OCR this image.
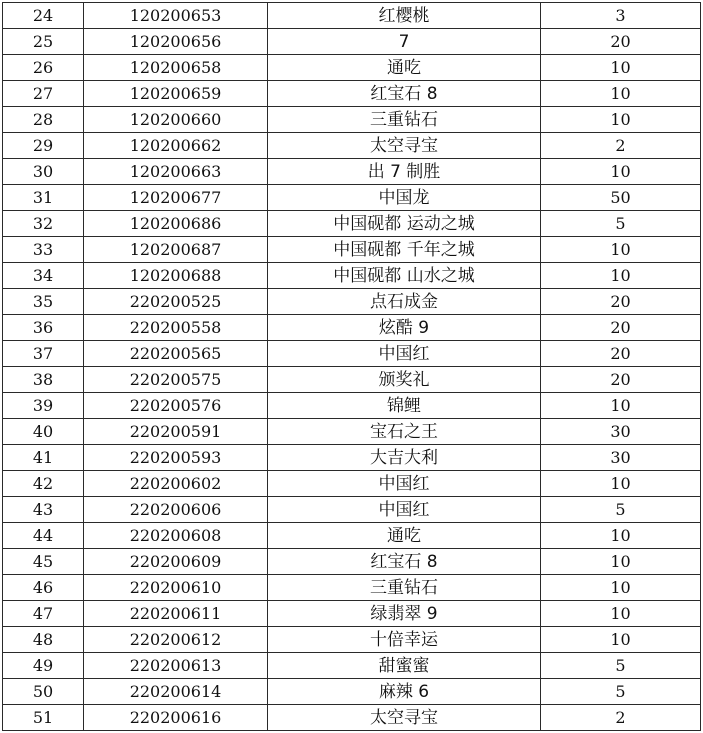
24	120200653	红樱桃	3
25	120200656	7	20
26	120200658	通吃	10
27	120200659	红宝石 8	10
28	120200660	三重钻石	10
29	120200662	太空寻宝	2
30	120200663	出 7 制胜	10
31	120200677	中国龙	50
32	120200686	中国砚都 运动之城	5
33	120200687	中国砚都 千年之城	10
34	120200688	中国砚都 山水之城	10
35	220200525	点石成金	20
36	220200558	炫酷 9	20
37	220200565	中国红	20
38	220200575	颁奖礼	20
39	220200576	锦鲤	10
40	220200591	宝石之王	30
41	220200593	大吉大利	30
42	220200602	中国红	10
43	220200606	中国红	5
44	220200608	通吃	10
45	220200609	红宝石 8	10
46	220200610	三重钻石	10
47	220200611	绿翡翠 9	10
48	220200612	十倍幸运	10
49	220200613	甜蜜蜜	5
50	220200614	麻辣 6	5
51	220200616	太空寻宝	2
